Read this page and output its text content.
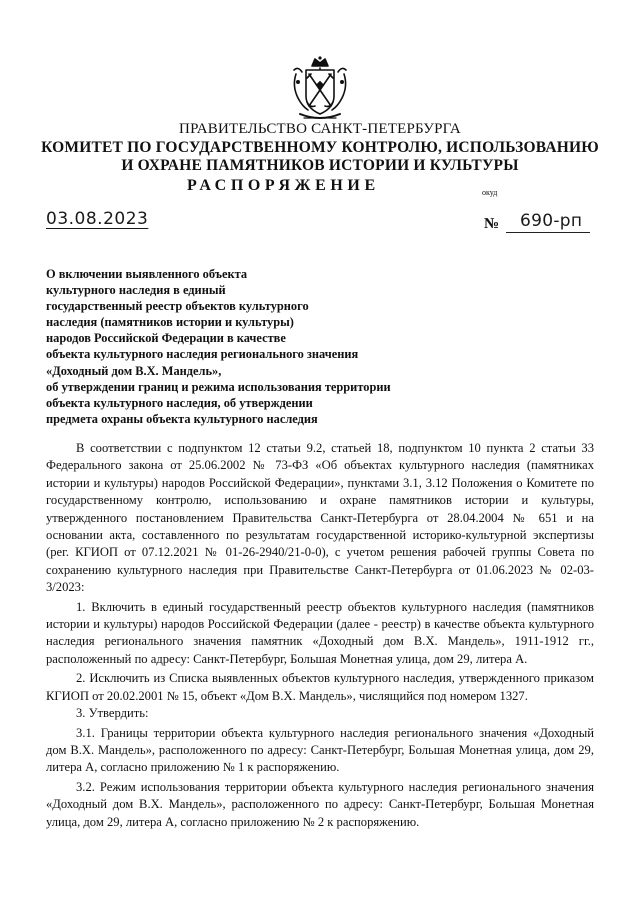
ПРАВИТЕЛЬСТВО САНКТ-ПЕТЕРБУРГА
КОМИТЕТ ПО ГОСУДАРСТВЕННОМУ КОНТРОЛЮ, ИСПОЛЬЗОВАНИЮ
И ОХРАНЕ ПАМЯТНИКОВ ИСТОРИИ И КУЛЬТУРЫ
РАСПОРЯЖЕНИЕ	окуд
03.08.2023	№ 690-рп
О включении выявленного объекта
культурного наследия в единый
государственный реестр объектов культурного
наследия (памятников истории и культуры)
народов Российской Федерации в качестве
объекта культурного наследия регионального значения
«Доходный дом В.Х. Мандель»,
об утверждении границ и режима использования территории
объекта культурного наследия, об утверждении
предмета охраны объекта культурного наследия

В соответствии с подпунктом 12 статьи 9.2, статьей 18, подпунктом 10 пункта 2 статьи 33 Федерального закона от 25.06.2002 № 73-ФЗ «Об объектах культурного наследия (памятниках истории и культуры) народов Российской Федерации», пунктами 3.1, 3.12 Положения о Комитете по государственному контролю, использованию и охране памятников истории и культуры, утвержденного постановлением Правительства Санкт-Петербурга от 28.04.2004 № 651 и на основании акта, составленного по результатам государственной историко-культурной экспертизы (рег. КГИОП от 07.12.2021 № 01-26-2940/21-0-0), с учетом решения рабочей группы Совета по сохранению культурного наследия при Правительстве Санкт-Петербурга от 01.06.2023 № 02-03-3/2023:

1. Включить в единый государственный реестр объектов культурного наследия (памятников истории и культуры) народов Российской Федерации (далее - реестр) в качестве объекта культурного наследия регионального значения памятник «Доходный дом В.Х. Мандель», 1911-1912 гг., расположенный по адресу: Санкт-Петербург, Большая Монетная улица, дом 29, литера А.

2. Исключить из Списка выявленных объектов культурного наследия, утвержденного приказом КГИОП от 20.02.2001 № 15, объект «Дом В.Х. Мандель», числящийся под номером 1327.

3. Утвердить:

3.1. Границы территории объекта культурного наследия регионального значения «Доходный дом В.Х. Мандель», расположенного по адресу: Санкт-Петербург, Большая Монетная улица, дом 29, литера А, согласно приложению № 1 к распоряжению.

3.2. Режим использования территории объекта культурного наследия регионального значения «Доходный дом В.Х. Мандель», расположенного по адресу: Санкт-Петербург, Большая Монетная улица, дом 29, литера А, согласно приложению № 2 к распоряжению.
